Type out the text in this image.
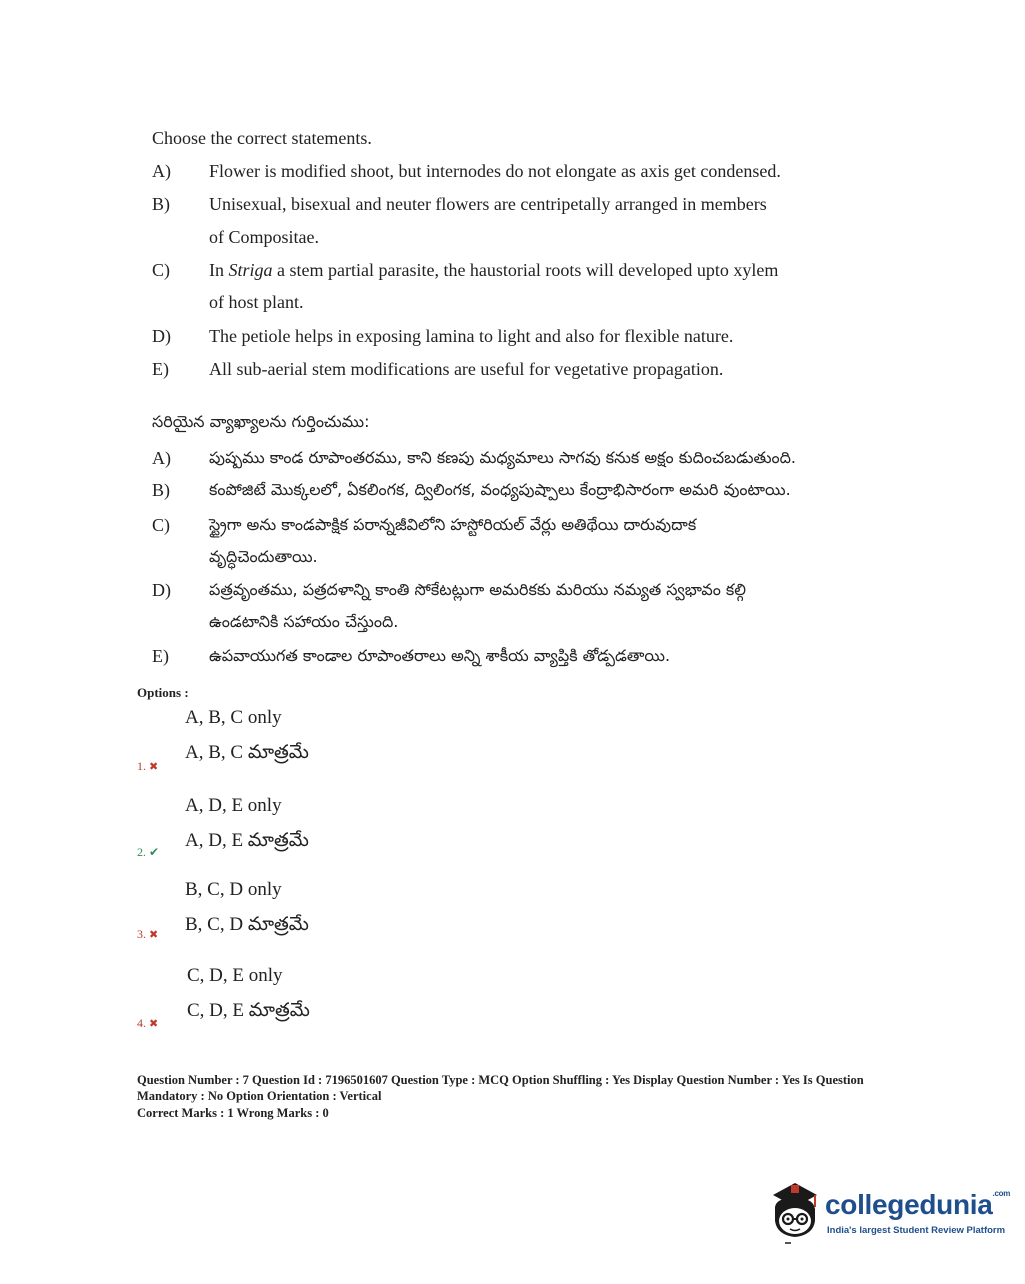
Choose the correct statements.
A)	Flower is modified shoot, but internodes do not elongate as axis get condensed.
B)	Unisexual, bisexual and neuter flowers are centripetally arranged in members
of Compositae.
C)	In Striga a stem partial parasite, the haustorial roots will developed upto xylem
of host plant.
D)	The petiole helps in exposing lamina to light and also for flexible nature.
E)	All sub-aerial stem modifications are useful for vegetative propagation.
సరియైన వ్యాఖ్యాలను గుర్తించుము:
A)	పుష్పము కాండ రూపాంతరము, కాని కణపు మధ్యమాలు సాగవు కనుక అక్షం కుదించబడుతుంది.
B)	కంపోజిటే మొక్కలలో, ఏకలింగక, ద్విలింగక, వంధ్యపుష్పాలు కేంద్రాభిసారంగా అమరి వుంటాయి.
C)	స్ట్రైగా అను కాండపాక్షిక పరాన్నజీవిలోని హస్టోరియల్ వేర్లు అతిథేయి దారువుదాక
వృద్ధిచెందుతాయి.
D)	పత్రవృంతము, పత్రదళాన్ని కాంతి సోకేటట్లుగా అమరికకు మరియు నమ్యత స్వభావం కల్గి
ఉండటానికి సహాయం చేస్తుంది.
E)	ఉపవాయుగత కాండాల రూపాంతరాలు అన్ని శాకీయ వ్యాప్తికి తోడ్పడతాయి.
Options :
A, B, C only
A, B, C మాత్రమే
1. ✖
A, D, E only
A, D, E మాత్రమే
2. ✔
B, C, D only
B, C, D మాత్రమే
3. ✖
C, D, E only
C, D, E మాత్రమే
4. ✖
Question Number : 7 Question Id : 7196501607 Question Type : MCQ Option Shuffling : Yes Display Question Number : Yes Is Question
Mandatory : No Option Orientation : Vertical
Correct Marks : 1 Wrong Marks : 0
collegedunia$^{.com}$
India's largest Student Review Platform
